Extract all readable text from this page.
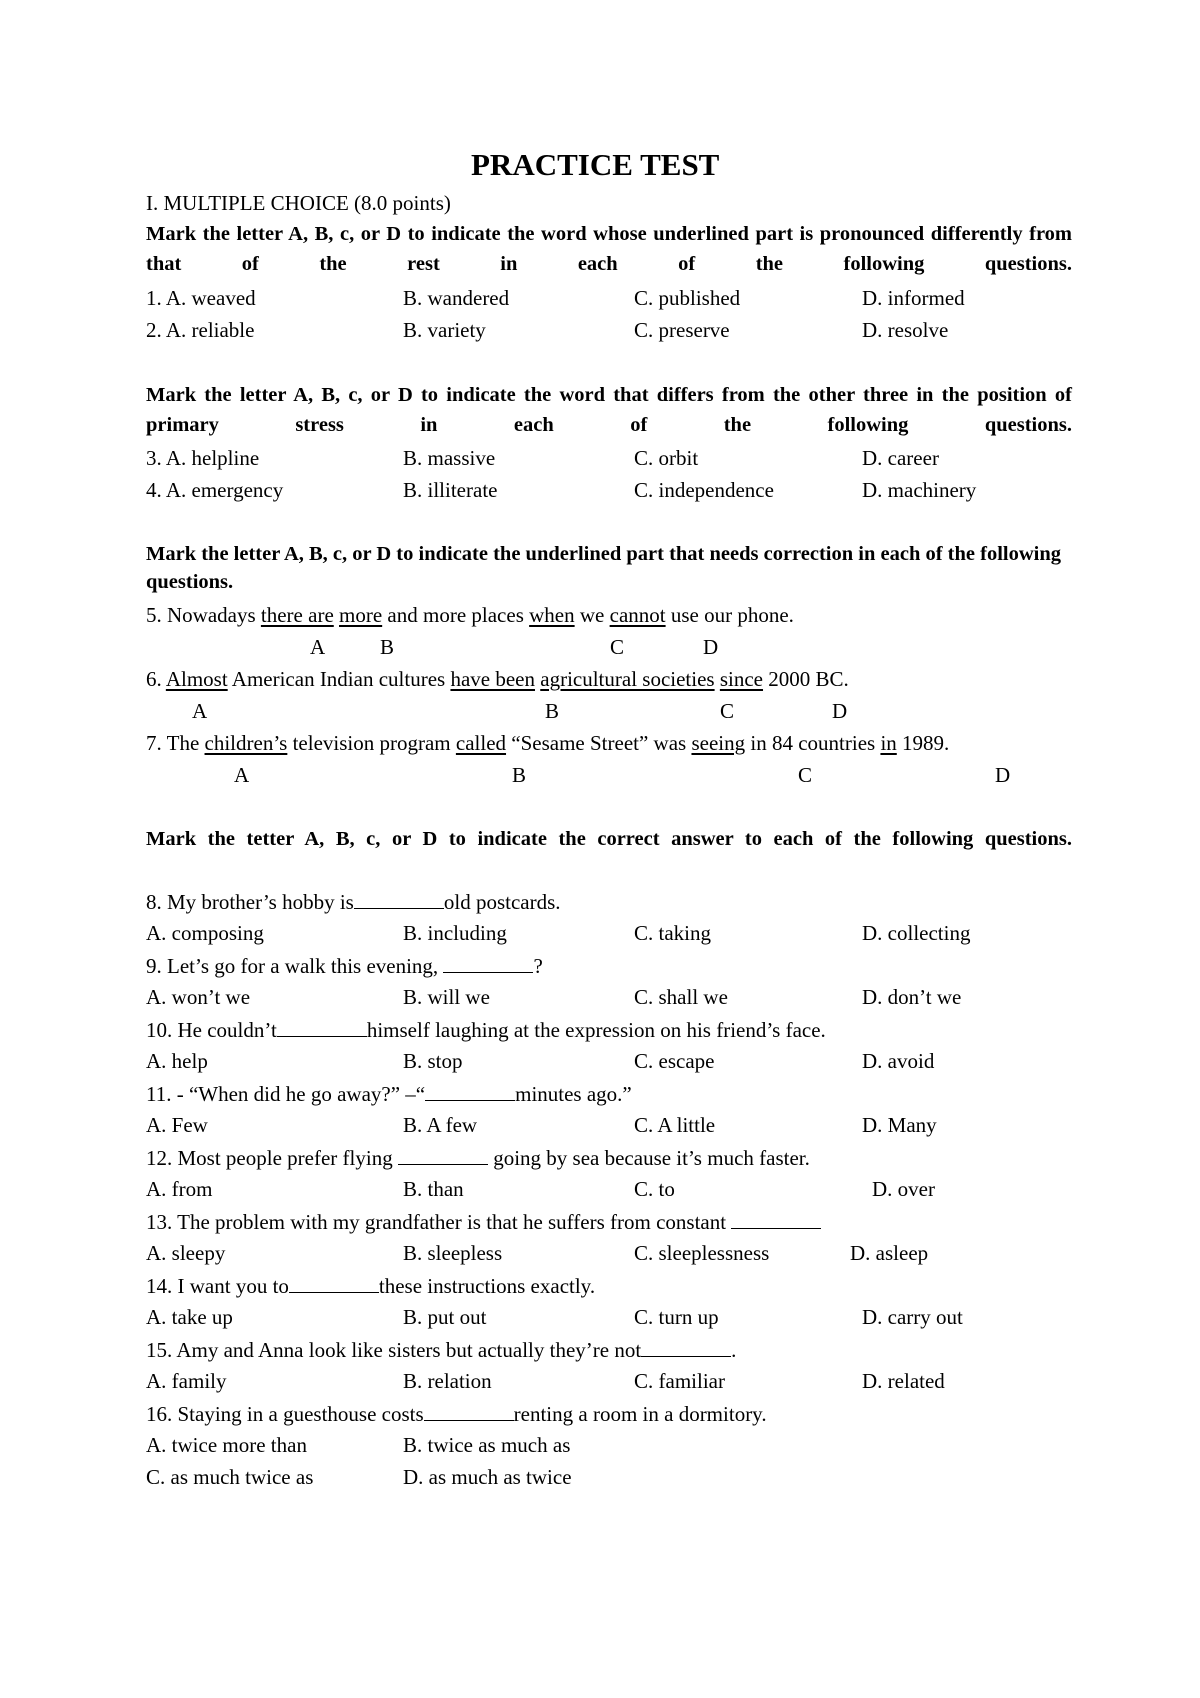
PRACTICE TEST
I. MULTIPLE CHOICE (8.0 points)
Mark the letter A, B, c, or D to indicate the word whose underlined part is pronounced differently from that of the rest in each of the following questions.
1. A. weaved	B. wandered	C. published	D. informed
2. A. reliable	B. variety	C. preserve	D. resolve
Mark the letter A, B, c, or D to indicate the word that differs from the other three in the position of primary stress in each of the following questions.
3. A. helpline	B. massive	C. orbit	D. career
4. A. emergency	B. illiterate	C. independence	D. machinery
Mark the letter A, B, c, or D to indicate the underlined part that needs correction in each of the following questions.
5. Nowadays there are more and more places when we cannot use our phone.
A	B	C	D
6. Almost American Indian cultures have been agricultural societies since 2000 BC.
A	B	C	D
7. The children’s television program called “Sesame Street” was seeing in 84 countries in 1989.
A	B	C	D
Mark the tetter A, B, c, or D to indicate the correct answer to each of the following questions.
8. My brother’s hobby is	old postcards.
A. composing	B. including	C. taking	D. collecting
9. Let’s go for a walk this evening,	?
A. won’t we	B. will we	C. shall we	D. don’t we
10. He couldn’t	himself laughing at the expression on his friend’s face.
A. help	B. stop	C. escape	D. avoid
11. - “When did he go away?” –“	minutes ago.”
A. Few	B. A few	C. A little	D. Many
12. Most people prefer flying	going by sea because it’s much faster.
A. from	B. than	C. to	D. over
13. The problem with my grandfather is that he suffers from constant
A. sleepy	B. sleepless	C. sleeplessness	D. asleep
14. I want you to	these instructions exactly.
A. take up	B. put out	C. turn up	D. carry out
15. Amy and Anna look like sisters but actually they’re not	.
A. family	B. relation	C. familiar	D. related
16. Staying in a guesthouse costs	renting a room in a dormitory.
A. twice more than	B. twice as much as
C. as much twice as	D. as much as twice
